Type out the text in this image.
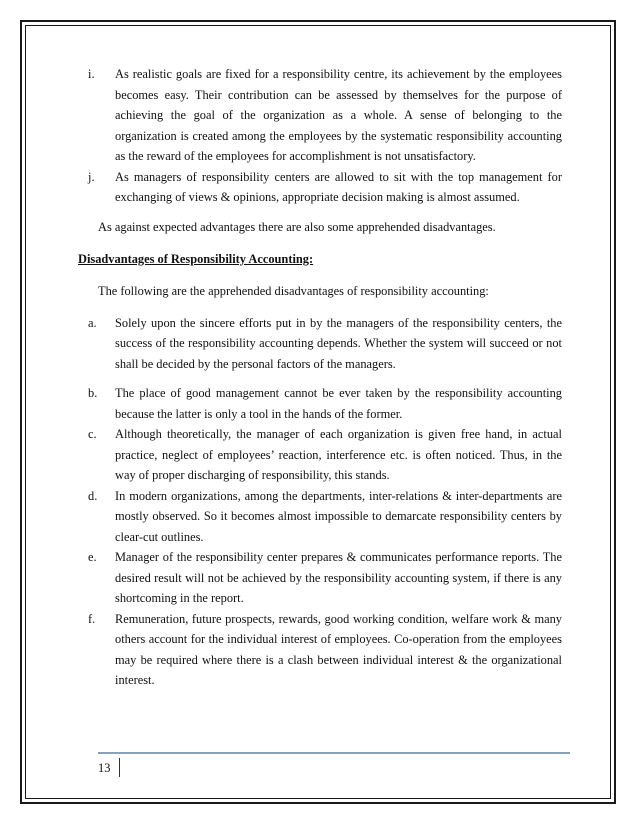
i.	As realistic goals are fixed for a responsibility centre, its achievement by the employees becomes easy. Their contribution can be assessed by themselves for the purpose of achieving the goal of the organization as a whole. A sense of belonging to the organization is created among the employees by the systematic responsibility accounting as the reward of the employees for accomplishment is not unsatisfactory.
j.	As managers of responsibility centers are allowed to sit with the top management for exchanging of views & opinions, appropriate decision making is almost assumed.
As against expected advantages there are also some apprehended disadvantages.
Disadvantages of Responsibility Accounting:
The following are the apprehended disadvantages of responsibility accounting:
a.	Solely upon the sincere efforts put in by the managers of the responsibility centers, the success of the responsibility accounting depends. Whether the system will succeed or not shall be decided by the personal factors of the managers.
b.	The place of good management cannot be ever taken by the responsibility accounting because the latter is only a tool in the hands of the former.
c.	Although theoretically, the manager of each organization is given free hand, in actual practice, neglect of employees’ reaction, interference etc. is often noticed. Thus, in the way of proper discharging of responsibility, this stands.
d.	In modern organizations, among the departments, inter-relations & inter-departments are mostly observed. So it becomes almost impossible to demarcate responsibility centers by clear-cut outlines.
e.	Manager of the responsibility center prepares & communicates performance reports. The desired result will not be achieved by the responsibility accounting system, if there is any shortcoming in the report.
f.	Remuneration, future prospects, rewards, good working condition, welfare work & many others account for the individual interest of employees. Co-operation from the employees may be required where there is a clash between individual interest & the organizational interest.
13
